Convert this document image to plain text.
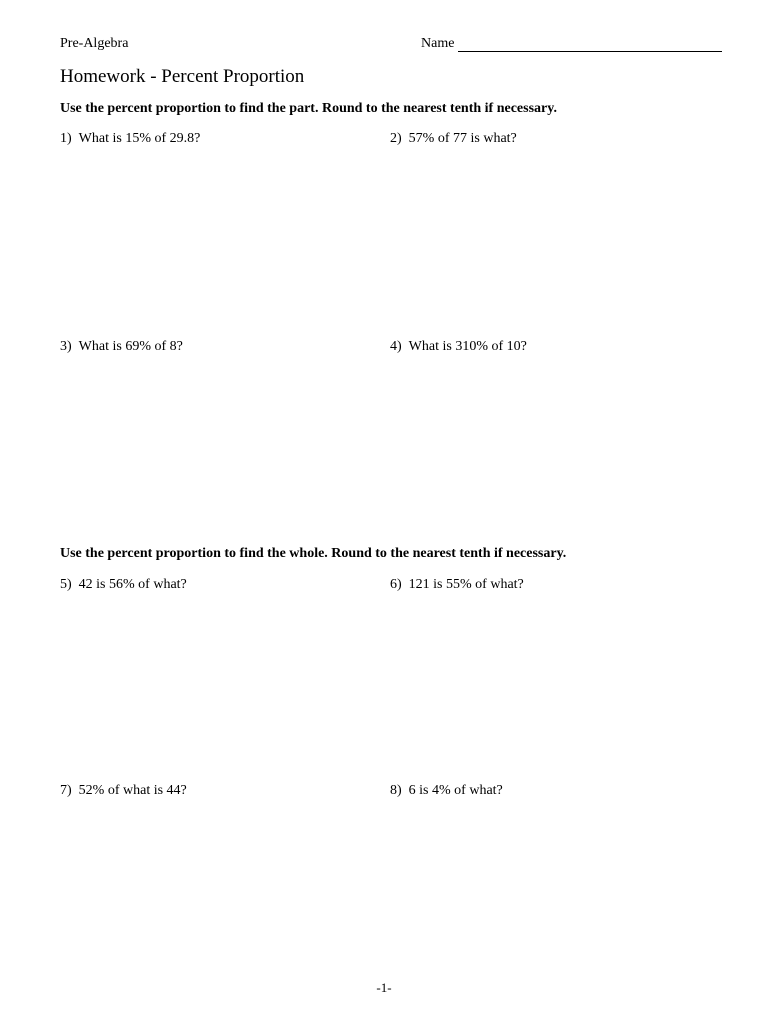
Pre-Algebra	Name
Homework - Percent Proportion
Use the percent proportion to find the part. Round to the nearest tenth if necessary.
1) What is 15% of 29.8?	2) 57% of 77 is what?
3) What is 69% of 8?	4) What is 310% of 10?
Use the percent proportion to find the whole. Round to the nearest tenth if necessary.
5) 42 is 56% of what?	6) 121 is 55% of what?
7) 52% of what is 44?	8) 6 is 4% of what?
-1-
